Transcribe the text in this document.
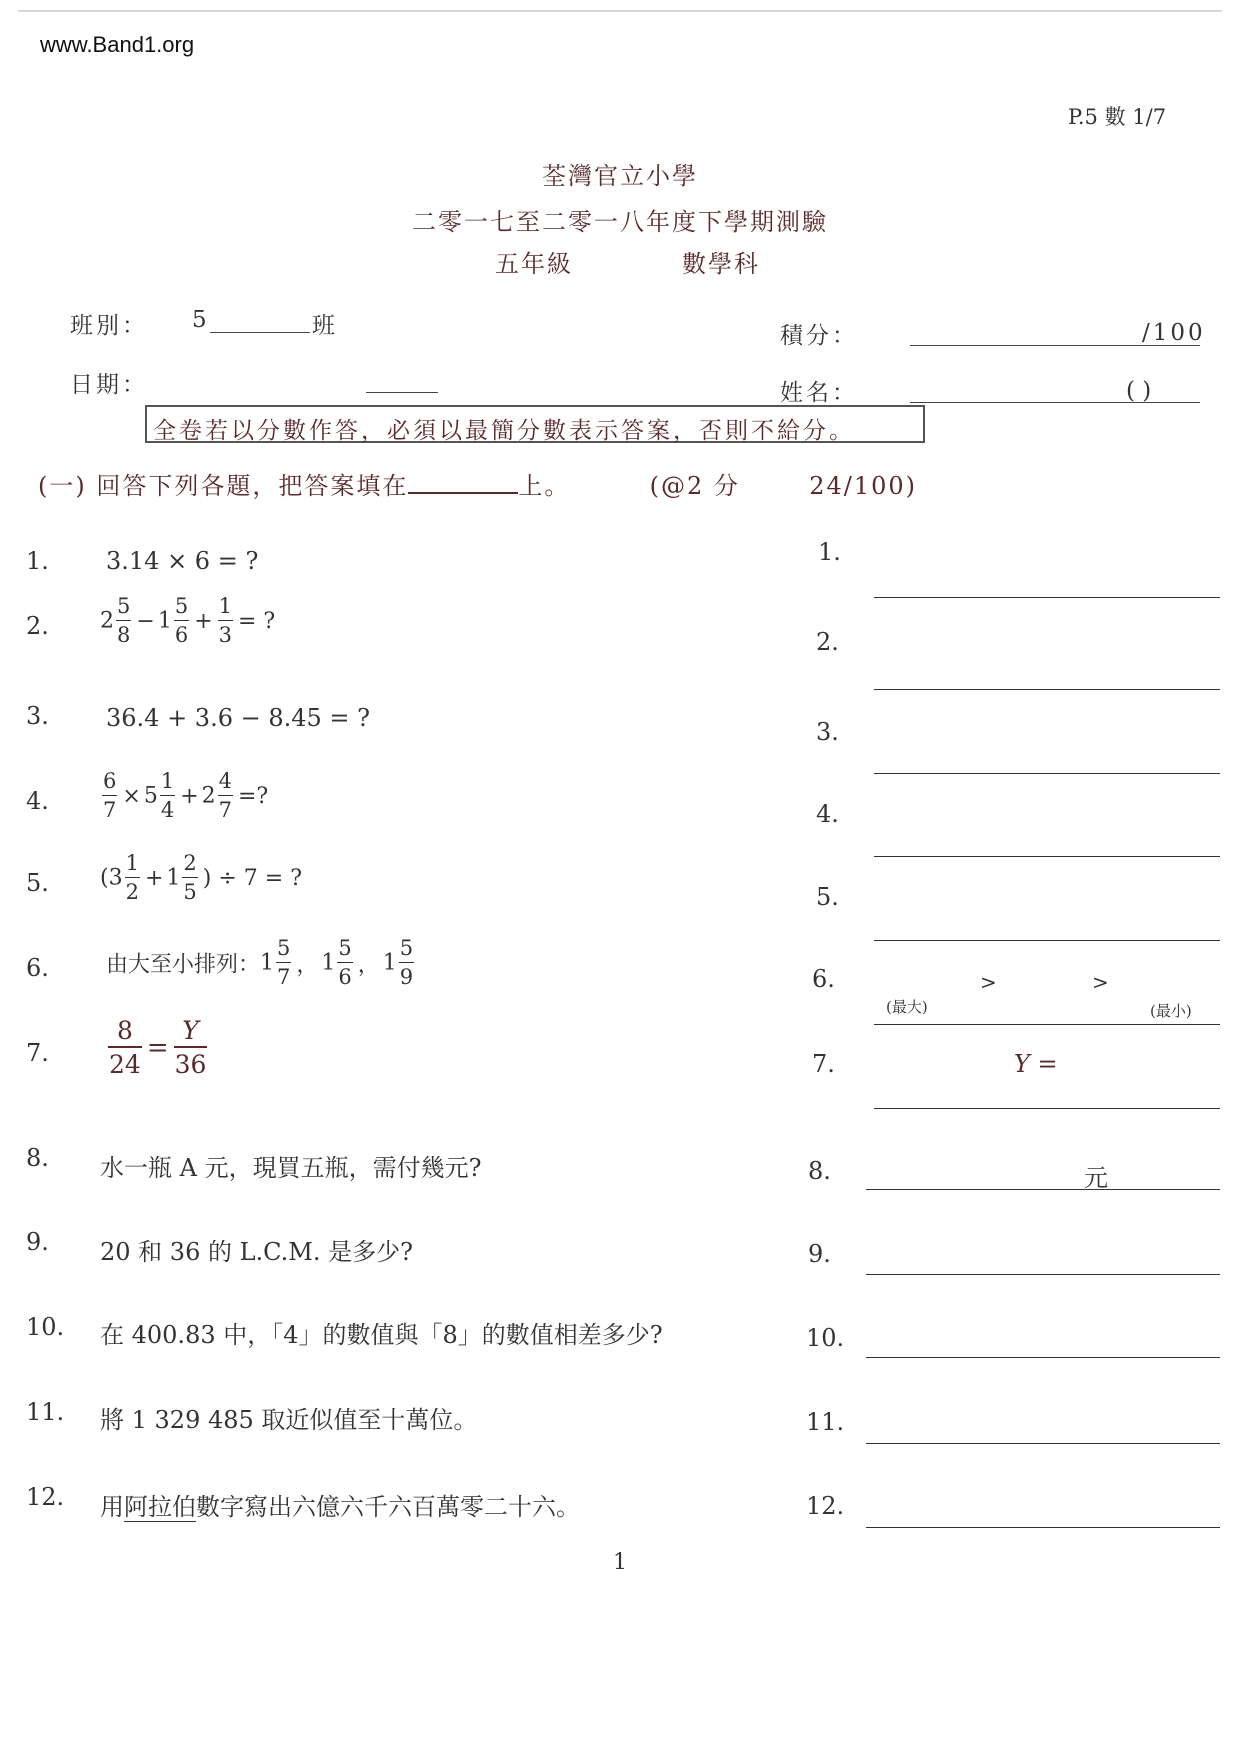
www.Band1.org
P.5 數 1/7
荃灣官立小學
二零一七至二零一八年度下學期測驗
五年級	數學科
班別： 5	班
日期：
積分：	/100
姓名：	( )
全卷若以分數作答，必須以最簡分數表示答案，否則不給分。
(一) 回答下列各題，把答案填在	上。	(@2 分	24/100)
1.	3.14 × 6 = ?
2.	$2 \frac{5}{8} - 1 \frac{5}{6} + \frac{1}{3}$ = ?
3.	36.4 + 3.6 − 8.45 = ?
4.	$\frac{6}{7} \times 5 \frac{1}{4} + 2 \frac{4}{7}$ =?
5.	($3 \frac{1}{2} + 1 \frac{2}{5}$ ) ÷ 7 = ?
6.	由大至小排列：$1 \frac{5}{7}$ ， $1 \frac{5}{6}$ ， $1 \frac{5}{9}$
7.	$\frac{8}{24} = \frac{Y}{36}$
8.	水一瓶 A 元，現買五瓶，需付幾元?
9.	20 和 36 的 L.C.M. 是多少?
10.	在 400.83 中，「4」的數值與「8」的數值相差多少?
11.	將 1 329 485 取近似值至十萬位。
12.	用阿拉伯數字寫出六億六千六百萬零二十六。
1.
2.
3.
4.
5.
6.
(最大)
>	>
(最小)
7.	Y =
8.	元
9.
10.
11.
12.
1
